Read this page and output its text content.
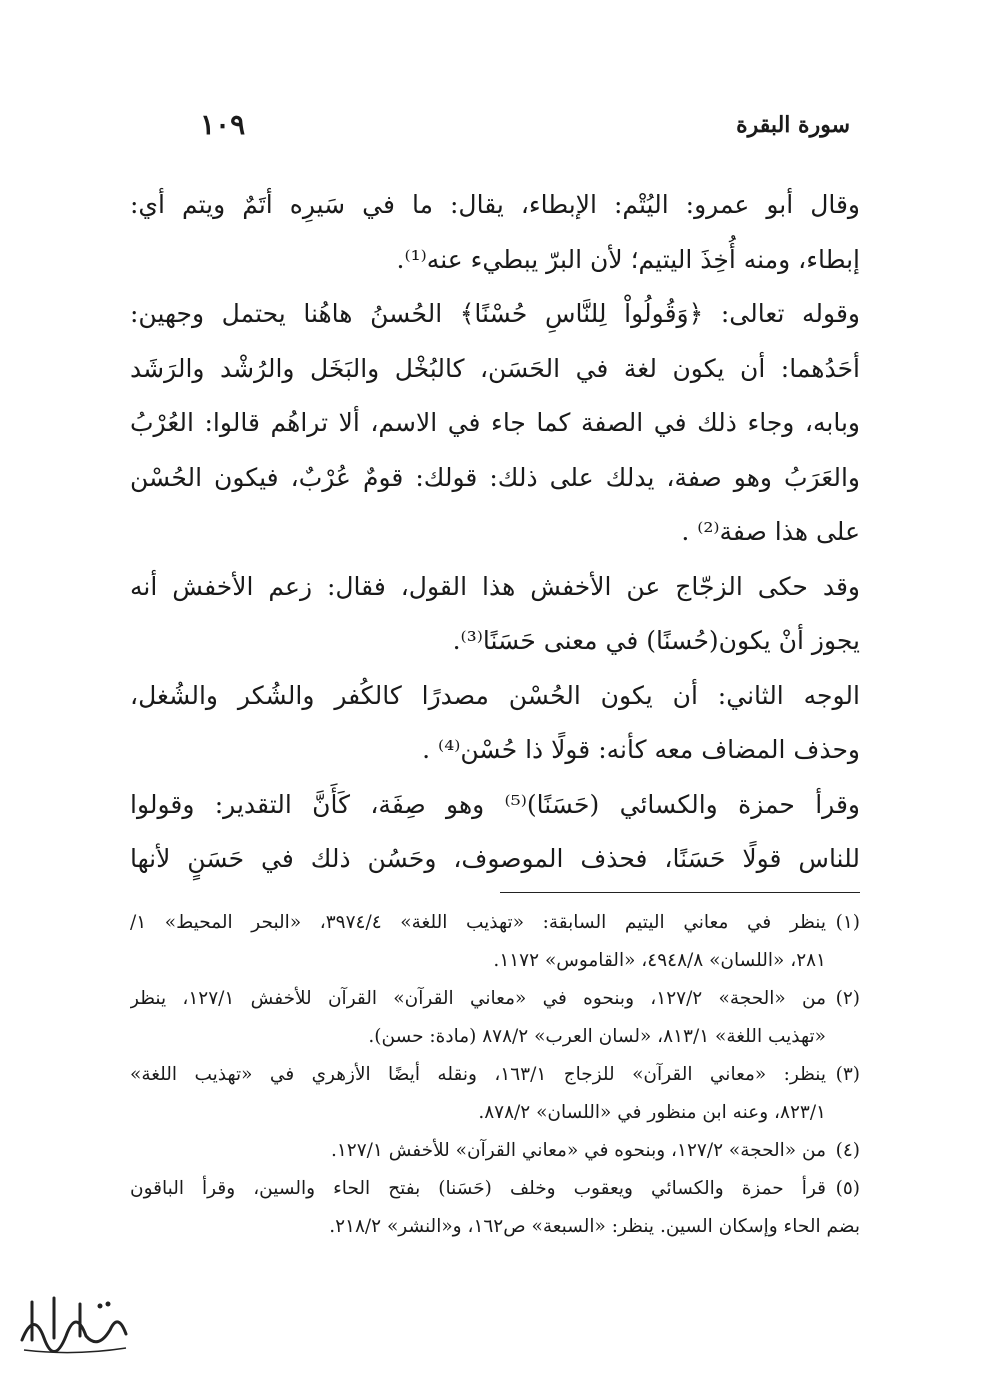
سورة البقرة
١٠٩
وقال أبو عمرو: اليُتْم: الإبطاء، يقال: ما في سَيرِه أتَمٌ ويتم أي:
إبطاء، ومنه أُخِذَ اليتيم؛ لأن البرّ يبطيء عنه⁽¹⁾.
وقوله تعالى: ﴿وَقُولُواْ لِلنَّاسِ حُسْنًا﴾ الحُسنُ هاهُنا يحتمل وجهين:
أحَدُهما: أن يكون لغة في الحَسَن، كالبُخْل والبَخَل والرُشْد والرَشَد
وبابه، وجاء ذلك في الصفة كما جاء في الاسم، ألا تراهُم قالوا: العُرْبُ
والعَرَبُ وهو صفة، يدلك على ذلك: قولك: قومٌ عُرْبٌ، فيكون الحُسْن
على هذا صفة⁽²⁾ .
وقد حكى الزجّاج عن الأخفش هذا القول، فقال: زعم الأخفش أنه
يجوز أنْ يكون(حُسنًا) في معنى حَسَنًا⁽³⁾.
الوجه الثاني: أن يكون الحُسْن مصدرًا كالكُفر والشُكر والشُغل،
وحذف المضاف معه كأنه: قولًا ذا حُسْن⁽⁴⁾ .
وقرأ حمزة والكسائي (حَسَنًا)⁽⁵⁾ وهو صِفَة، كَأَنَّ التقدير: وقولوا
للناس قولًا حَسَنًا، فحذف الموصوف، وحَسُن ذلك في حَسَنٍ لأنها
(١)ينظر في معاني اليتيم السابقة: «تهذيب اللغة» ٣٩٧٤/٤، «البحر المحيط» ١/
٢٨١، «اللسان» ٤٩٤٨/٨، «القاموس» ١١٧٢.
(٢)من «الحجة» ١٢٧/٢، وبنحوه في «معاني القرآن» القرآن للأخفش ١٢٧/١، ينظر
«تهذيب اللغة» ٨١٣/١، «لسان العرب» ٨٧٨/٢ (مادة: حسن).
(٣)ينظر: «معاني القرآن» للزجاج ١٦٣/١، ونقله أيضًا الأزهري في «تهذيب اللغة»
٨٢٣/١، وعنه ابن منظور في «اللسان» ٨٧٨/٢.
(٤)من «الحجة» ١٢٧/٢، وبنحوه في «معاني القرآن» للأخفش ١٢٧/١.
(٥)قرأ حمزة والكسائي ويعقوب وخلف (حَسَنا) بفتح الحاء والسين، وقرأ الباقون
بضم الحاء وإسكان السين. ينظر: «السبعة» ص١٦٢، و«النشر» ٢١٨/٢.
